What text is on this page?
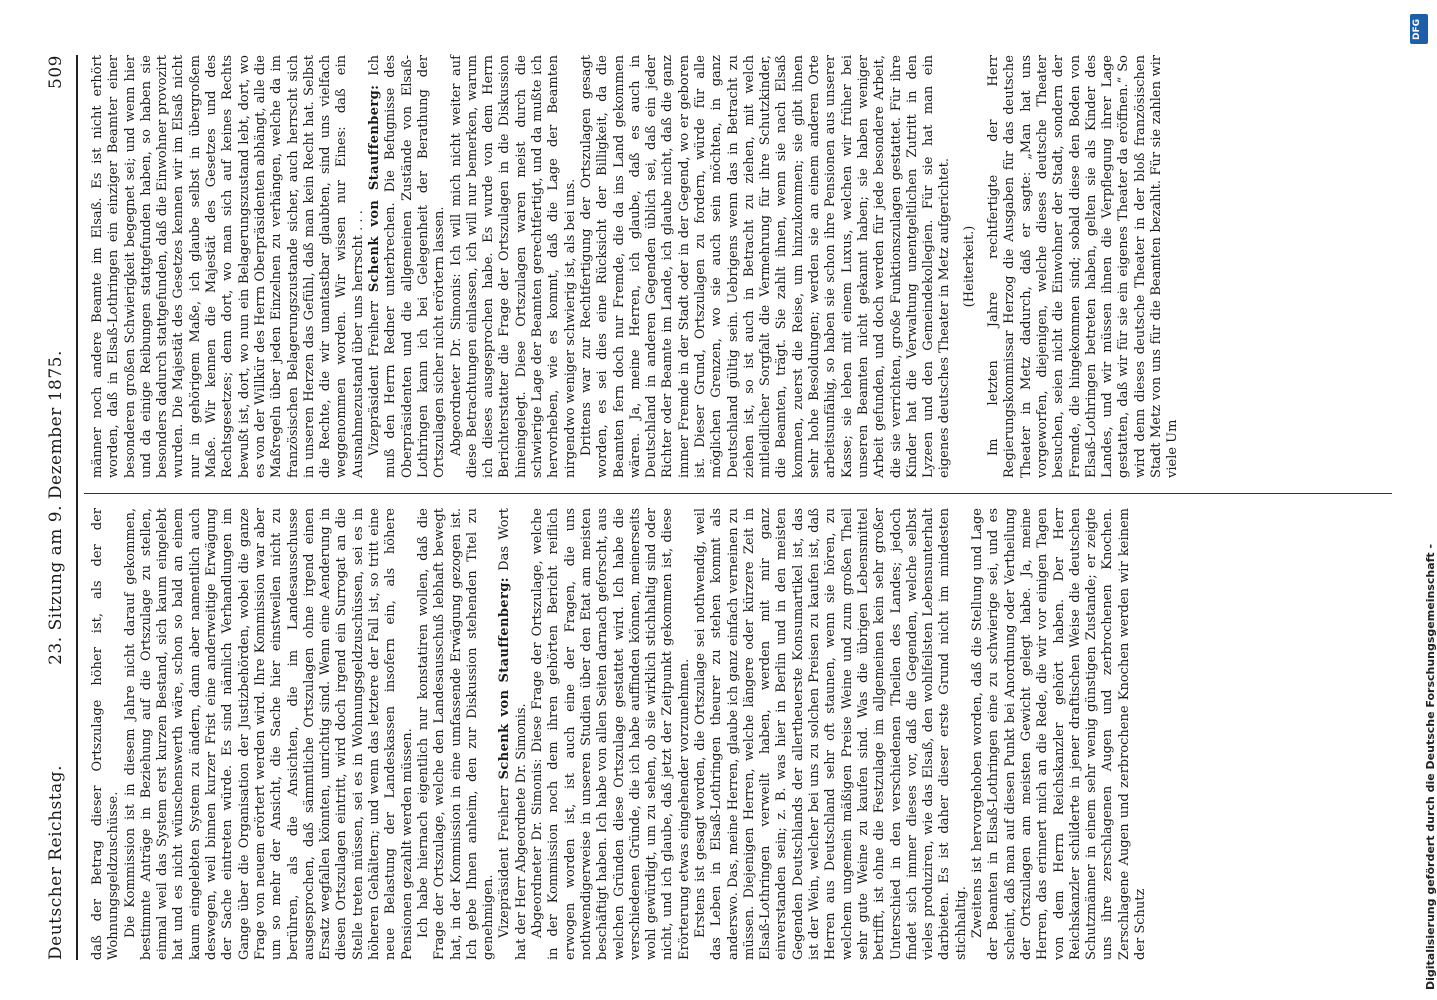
Deutscher Reichstag.
23. Sitzung am 9. Dezember 1875.
509

daß der Betrag dieser Ortszulage höher ist, als der der Wohnungsgeldzuschüsse. Die Kommission ist in diesem Jahre nicht darauf gekommen, bestimmte Anträge in Beziehung auf die Ortszulage zu stellen, einmal weil das System erst kurzen Bestand, sich kaum eingelebt hat und es nicht wünschenswerth wäre, schon so bald an einem kaum eingelebten System zu ändern, dann aber namentlich auch deswegen, weil binnen kurzer Frist eine anderweitige Erwägung der Sache eintreten würde. Es sind nämlich Verhandlungen im Gange über die Organisation der Justizbehörden, wobei die ganze Frage von neuem erörtert werden wird. Ihre Kommission war aber um so mehr der Ansicht, die Sache hier einstweilen nicht zu berühren, als die Ansichten, die im Landesausschusse ausgesprochen, daß sämmtliche Ortszulagen ohne irgend einen Ersatz wegfallen könnten, unrichtig sind. Wenn eine Aenderung in diesen Ortszulagen eintritt, wird doch irgend ein Surrogat an die Stelle treten müssen, sei es in Wohnungsgeldzuschüssen, sei es in höheren Gehältern; und wenn das letztere der Fall ist, so tritt eine neue Belastung der Landeskassen insofern ein, als höhere Pensionen gezahlt werden müssen. Ich habe hiernach eigentlich nur konstatiren wollen, daß die Frage der Ortszulage, welche den Landesausschuß lebhaft bewegt hat, in der Kommission in eine umfassende Erwägung gezogen ist. Ich gebe Ihnen anheim, den zur Diskussion stehenden Titel zu genehmigen. Vizepräsident Freiherr Schenk von Stauffenberg: Das Wort hat der Herr Abgeordnete Dr. Simonis. Abgeordneter Dr. Simonis: Diese Frage der Ortszulage, welche in der Kommission noch dem ihren gehörten Bericht reiflich erwogen worden ist, ist auch eine der Fragen, die uns nothwendigerweise in unseren Studien über den Etat am meisten beschäftigt haben. Ich habe von allen Seiten darnach geforscht, aus welchen Gründen diese Ortszulage gestattet wird. Ich habe die verschiedenen Gründe, die ich habe auffinden können, meinerseits wohl gewürdigt, um zu sehen, ob sie wirklich stichhaltig sind oder nicht, und ich glaube, daß jetzt der Zeitpunkt gekommen ist, diese Erörterung etwas eingehender vorzunehmen. Erstens ist gesagt worden, die Ortszulage sei nothwendig, weil das Leben in Elsaß-Lothringen theurer zu stehen kommt als anderswo. Das, meine Herren, glaube ich ganz einfach verneinen zu müssen. Diejenigen Herren, welche längere oder kürzere Zeit in Elsaß-Lothringen verweilt haben, werden mit mir ganz einverstanden sein; z. B. was hier in Berlin und in den meisten Gegenden Deutschlands der allertheuerste Konsumartikel ist, das ist der Wein, welcher bei uns zu solchen Preisen zu kaufen ist, daß Herren aus Deutschland sehr oft staunen, wenn sie hören, zu welchem ungemein mäßigen Preise Weine und zum großen Theil sehr gute Weine zu kaufen sind. Was die übrigen Lebensmittel betrifft, ist ohne die Festzulage im allgemeinen kein sehr großer Unterschied in den verschiedenen Theilen des Landes; jedoch findet sich immer dieses vor, daß die Gegenden, welche selbst vieles produziren, wie das Elsaß, den wohlfeilsten Lebensunterhalt darbieten. Es ist daher dieser erste Grund nicht im mindesten stichhaltig. Zweitens ist hervorgehoben worden, daß die Stellung und Lage der Beamten in Elsaß-Lothringen eine zu schwierige sei, und es scheint, daß man auf diesen Punkt bei Anordnung oder Vertheilung der Ortszulagen am meisten Gewicht gelegt habe. Ja, meine Herren, das erinnert mich an die Rede, die wir vor einigen Tagen von dem Herrn Reichskanzler gehört haben. Der Herr Reichskanzler schilderte in jener draftischen Weise die deutschen Schutzmänner in einem sehr wenig günstigen Zustande; er zeigte uns ihre zerschlagenen Augen und zerbrochenen Knochen. Zerschlagene Augen und zerbrochene Knochen werden wir keinem der Schutz

männer noch andere Beamte im Elsaß. Es ist nicht erhört worden, daß in Elsaß-Lothringen ein einziger Beamter einer besonderen großen Schwierigkeit begegnet sei; und wenn hier und da einige Reibungen stattgefunden haben, so haben sie besonders dadurch stattgefunden, daß die Einwohner provozirt wurden. Die Majestät des Gesetzes kennen wir im Elsaß nicht nur in gehörigem Maße, ich glaube selbst in übergroßem Maße. Wir kennen die Majestät des Gesetzes und des Rechtsgesetzes; denn dort, wo man sich auf keines Rechts bewußt ist, dort, wo nun ein Belagerungszustand lebt, dort, wo es von der Willkür des Herrn Oberpräsidenten abhängt, alle die Maßregeln über jeden Einzelnen zu verhängen, welche da im französischen Belagerungszustande sicher, auch herrscht sich in unseren Herzen das Gefühl, daß man kein Recht hat. Selbst die Rechte, die wir unantastbar glaubten, sind uns vielfach weggenommen worden. Wir wissen nur Eines: daß ein Ausnahmezustand über uns herrscht . . . Vizepräsident Freiherr Schenk von Stauffenberg: Ich muß den Herrn Redner unterbrechen. Die Befugnisse des Oberpräsidenten und die allgemeinen Zustände von Elsaß-Lothringen kann ich bei Gelegenheit der Berathung der Ortszulagen sicher nicht erörtern lassen. Abgeordneter Dr. Simonis: Ich will mich nicht weiter auf diese Betrachtungen einlassen, ich will nur bemerken, warum ich dieses ausgesprochen habe. Es wurde von dem Herrn Berichterstatter die Frage der Ortszulagen in die Diskussion hineingelegt. Diese Ortszulagen waren meist durch die schwierige Lage der Beamten gerechtfertigt, und da mußte ich hervorheben, wie es kommt, daß die Lage der Beamten nirgendwo weniger schwierig ist, als bei uns. Drittens war zur Rechtfertigung der Ortszulagen gesagt worden, es sei dies eine Rücksicht der Billigkeit, da die Beamten fern doch nur Fremde, die da ins Land gekommen wären. Ja, meine Herren, ich glaube, daß es auch in Deutschland in anderen Gegenden üblich sei, daß ein jeder Richter oder Beamte im Lande, ich glaube nicht, daß die ganz immer Fremde in der Stadt oder in der Gegend, wo er geboren ist. Dieser Grund, Ortszulagen zu fordern, würde für alle möglichen Grenzen, wo sie auch sein möchten, in ganz Deutschland gültig sein. Uebrigens wenn das in Betracht zu ziehen ist, so ist auch in Betracht zu ziehen, mit welch mitleidlicher Sorgfalt die Vermehrung für ihre Schutzkinder, die Beamten, trägt. Sie zahlt ihnen, wenn sie nach Elsaß kommen, zuerst die Reise, um hinzukommen; sie gibt ihnen sehr hohe Besoldungen; werden sie an einem anderen Orte arbeitsunfähig, so haben sie schon ihre Pensionen aus unserer Kasse; sie leben mit einem Luxus, welchen wir früher bei unseren Beamten nicht gekannt haben; sie haben weniger Arbeit gefunden, und doch werden für jede besondere Arbeit, die sie verrichten, große Funktionszulagen gestattet. Für ihre Kinder hat die Verwaltung unentgeltlichen Zutritt in den Lyzeen und den Gemeindekollegien. Für sie hat man ein eigenes deutsches Theater in Metz aufgerichtet. (Heiterkeit.) Im letzten Jahre rechtfertigte der Herr Regierungskommissar Herzog die Ausgaben für das deutsche Theater in Metz dadurch, daß er sagte: „Man hat uns vorgeworfen, diejenigen, welche dieses deutsche Theater besuchen, seien nicht die Einwohner der Stadt, sondern der Fremde, die hingekommen sind; sobald diese den Boden von Elsaß-Lothringen betreten haben, gelten sie als Kinder des Landes, und wir müssen ihnen die Verpflegung ihrer Lage gestatten, daß wir für sie ein eigenes Theater da eröffnen.“ So wird denn dieses deutsche Theater in der bloß französischen Stadt Metz von uns für die Beamten bezahlt. Für sie zahlen wir viele Um

DFG
Digitalisierung gefördert durch die Deutsche Forschungsgemeinschaft -
